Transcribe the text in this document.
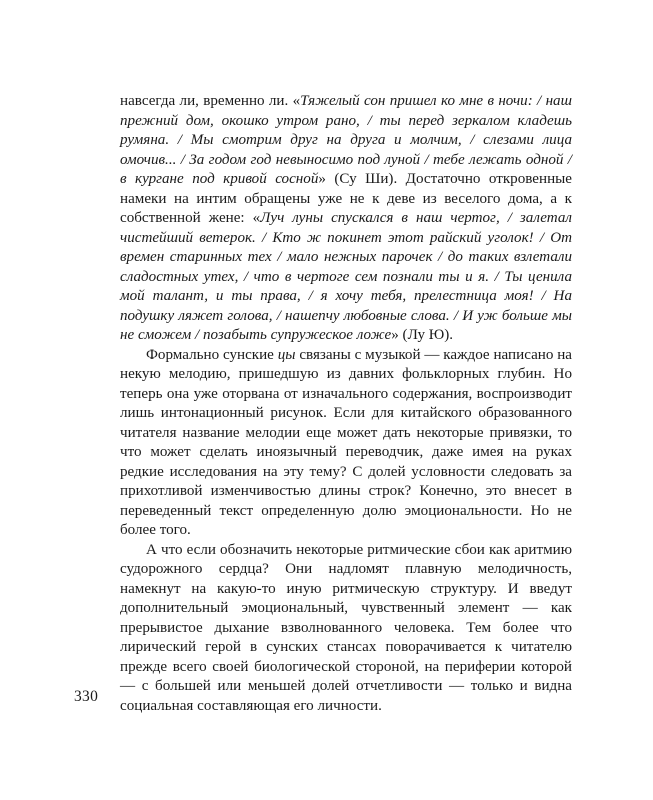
навсегда ли, временно ли. «Тяжелый сон пришел ко мне в ночи: / наш прежний дом, окошко утром рано, / ты перед зеркалом кладешь румяна. / Мы смотрим друг на друга и молчим, / слезами лица омочив... / За годом год невыносимо под луной / тебе лежать одной / в кургане под кривой сосной» (Су Ши). Достаточно откровенные намеки на интим обращены уже не к деве из веселого дома, а к собственной жене: «Луч луны спускался в наш чертог, / залетал чистейший ветерок. / Кто ж покинет этот райский уголок! / От времен старинных тех / мало нежных парочек / до таких взлетали сладостных утех, / что в чертоге сем познали ты и я. / Ты ценила мой талант, и ты права, / я хочу тебя, прелестница моя! / На подушку ляжет голова, / нашепчу любовные слова. / И уж больше мы не сможем / позабыть супружеское ложе» (Лу Ю).

Формально сунские цы связаны с музыкой — каждое написано на некую мелодию, пришедшую из давних фольклорных глубин. Но теперь она уже оторвана от изначального содержания, воспроизводит лишь интонационный рисунок. Если для китайского образованного читателя название мелодии еще может дать некоторые привязки, то что может сделать иноязычный переводчик, даже имея на руках редкие исследования на эту тему? С долей условности следовать за прихотливой изменчивостью длины строк? Конечно, это внесет в переведенный текст определенную долю эмоциональности. Но не более того.

А что если обозначить некоторые ритмические сбои как аритмию судорожного сердца? Они надломят плавную мелодичность, намекнут на какую-то иную ритмическую структуру. И введут дополнительный эмоциональный, чувственный элемент — как прерывистое дыхание взволнованного человека. Тем более что лирический герой в сунских стансах поворачивается к читателю прежде всего своей биологической стороной, на периферии которой — с большей или меньшей долей отчетливости — только и видна социальная составляющая его личности.

330
